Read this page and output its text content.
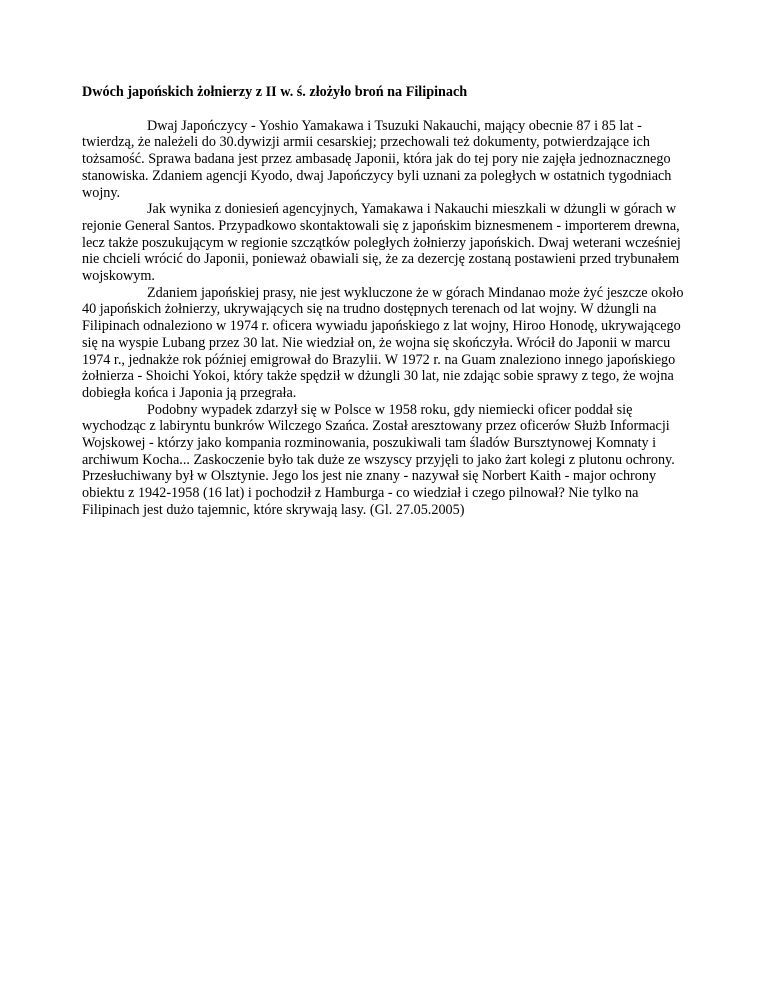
Dwóch japońskich żołnierzy z II w. ś. złożyło broń na Filipinach

Dwaj Japończycy - Yoshio Yamakawa i Tsuzuki Nakauchi, mający obecnie 87 i 85 lat - twierdzą, że należeli do 30.dywizji armii cesarskiej; przechowali też dokumenty, potwierdzające ich tożsamość. Sprawa badana jest przez ambasadę Japonii, która jak do tej pory nie zajęła jednoznacznego stanowiska. Zdaniem agencji Kyodo, dwaj Japończycy byli uznani za poległych w ostatnich tygodniach wojny.

Jak wynika z doniesień agencyjnych, Yamakawa i Nakauchi mieszkali w dżungli w górach w rejonie General Santos. Przypadkowo skontaktowali się z japońskim biznesmenem - importerem drewna, lecz także poszukującym w regionie szczątków poległych żołnierzy japońskich. Dwaj weterani wcześniej nie chcieli wrócić do Japonii, ponieważ obawiali się, że za dezercję zostaną postawieni przed trybunałem wojskowym.

Zdaniem japońskiej prasy, nie jest wykluczone że w górach Mindanao może żyć jeszcze około 40 japońskich żołnierzy, ukrywających się na trudno dostępnych terenach od lat wojny. W dżungli na Filipinach odnaleziono w 1974 r. oficera wywiadu japońskiego z lat wojny, Hiroo Honodę, ukrywającego się na wyspie Lubang przez 30 lat. Nie wiedział on, że wojna się skończyła. Wrócił do Japonii w marcu 1974 r., jednakże rok później emigrował do Brazylii. W 1972 r. na Guam znaleziono innego japońskiego żołnierza - Shoichi Yokoi, który także spędził w dżungli 30 lat, nie zdając sobie sprawy z tego, że wojna dobiegła końca i Japonia ją przegrała.

Podobny wypadek zdarzył się w Polsce w 1958 roku, gdy niemiecki oficer poddał się wychodząc z labiryntu bunkrów Wilczego Szańca. Został aresztowany przez oficerów Służb Informacji Wojskowej - którzy jako kompania rozminowania, poszukiwali tam śladów Bursztynowej Komnaty i archiwum Kocha... Zaskoczenie było tak duże ze wszyscy przyjęli to jako żart kolegi z plutonu ochrony. Przesłuchiwany był w Olsztynie. Jego los jest nie znany - nazywał się Norbert Kaith - major ochrony obiektu z 1942-1958 (16 lat) i pochodził z Hamburga - co wiedział i czego pilnował? Nie tylko na Filipinach jest dużo tajemnic, które skrywają lasy. (Gl. 27.05.2005)
